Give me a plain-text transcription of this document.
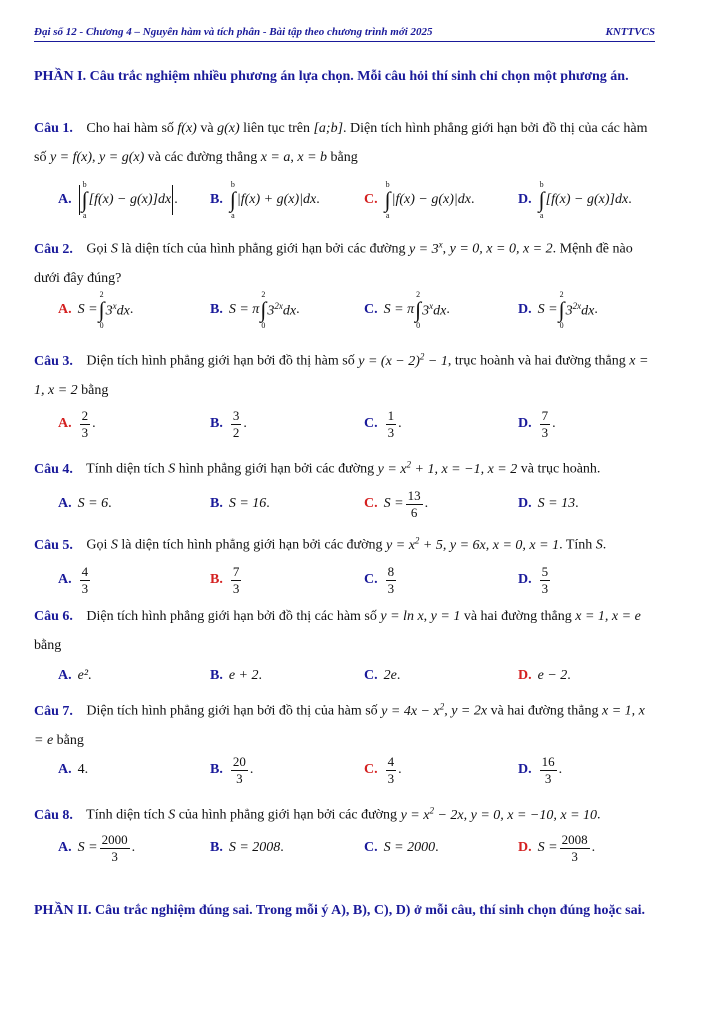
Đại số 12 - Chương 4 – Nguyên hàm và tích phân - Bài tập theo chương trình mới 2025	KNTTVCS
PHẦN I. Câu trắc nghiệm nhiều phương án lựa chọn. Mỗi câu hỏi thí sinh chỉ chọn một phương án.
Câu 1. Cho hai hàm số f(x) và g(x) liên tục trên [a;b]. Diện tích hình phẳng giới hạn bởi đồ thị của các hàm số y = f(x), y = g(x) và các đường thẳng x = a, x = b bằng
A.
b
∫
a
[f(x) − g(x)]dx . B.
b
∫
a
|f(x) + g(x)|dx .	C.
b
∫
a
|f(x) − g(x)|dx .	D.
b
∫
a
[f(x) − g(x)]dx .
Câu 2. Gọi S là diện tích của hình phẳng giới hạn bởi các đường $y = 3^x$, y = 0, x = 0, x = 2. Mệnh đề nào dưới đây đúng?
A. S =
2
∫
0
3$^x$dx .	B. S = π
2
∫
0
$3^{2x}dx$ .	C. S = π
2
∫
0
3$^x$dx .	D. S =
2
∫
0
$3^{2x}dx$ .
Câu 3. Diện tích hình phẳng giới hạn bởi đồ thị hàm số $y = (x - 2)^2 - 1$, trục hoành và hai đường thẳng x = 1, x = 2 bằng
A.
2
3
.	B.
3
2
.	C.
1
3
.	D.
7
3
.
Câu 4. Tính diện tích S hình phẳng giới hạn bởi các đường $y = x^2 + 1$, x = −1, x = 2 và trục hoành.
A. S = 6 .	B. S = 16 .	C. $S = \frac{13}{6}$ .	D. S = 13 .
Câu 5. Gọi S là diện tích hình phẳng giới hạn bởi các đường $y = x^2 + 5$, y = 6x, x = 0, x = 1. Tính S.
A.
4
3
B.
7
3
C.
8
3
D.
5
3
Câu 6. Diện tích hình phẳng giới hạn bởi đồ thị các hàm số y = ln x, y = 1 và hai đường thẳng x = 1, x = e bằng
A. e² .	B. e + 2 .	C. 2e .	D. e − 2 .
Câu 7. Diện tích hình phẳng giới hạn bởi đồ thị của hàm số $y = 4x - x^2$, y = 2x và hai đường thẳng x = 1, x = e bằng
A. 4 .	B.
20
3
.	C.
4
3
.	D.
16
3
.
Câu 8. Tính diện tích S của hình phẳng giới hạn bởi các đường $y = x^2 - 2x$, y = 0, x = −10, x = 10.
A. $S = \frac{2000}{3}$ .	B. S = 2008 .	C. S = 2000 .	D. $S = \frac{2008}{3}$ .
PHẦN II. Câu trắc nghiệm đúng sai. Trong mỗi ý A), B), C), D) ở mỗi câu, thí sinh chọn đúng hoặc sai.
